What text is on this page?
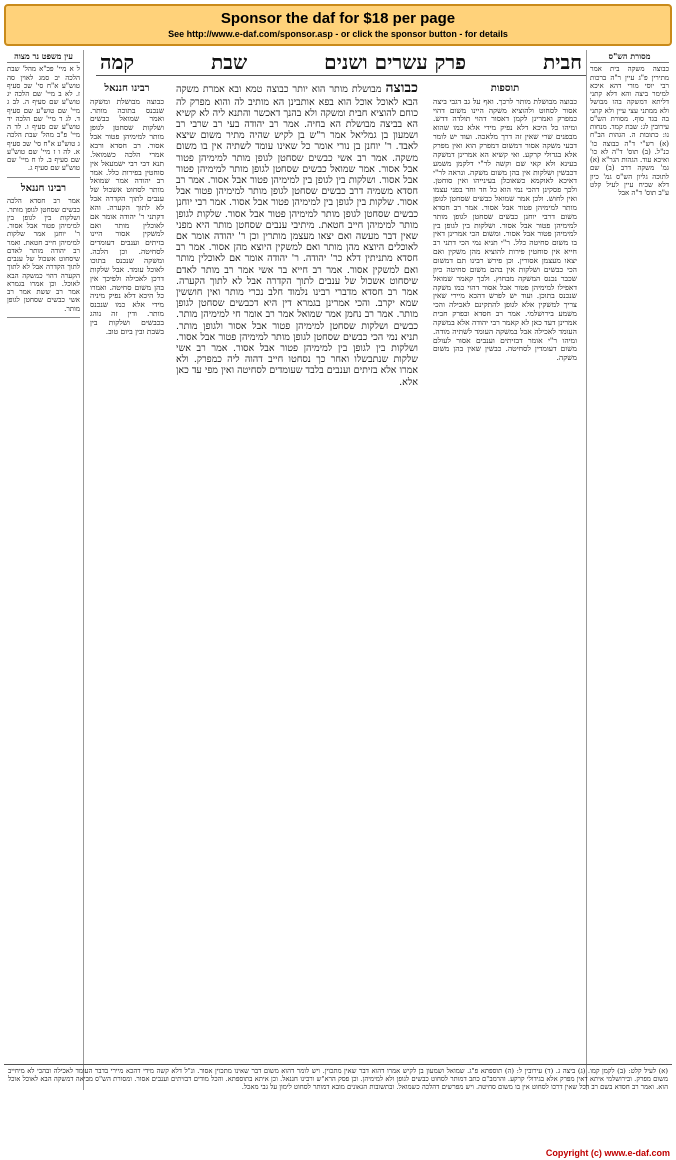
Sponsor the daf for $18 per page
See http://www.e-daf.com/sponsor.asp - or click the sponsor button - for details
חבית
פרק עשרים ושנים
שבת
קמה	מסורת הש"ס

כבוצה משקה בית אמר מתירין פ"ג עיין ר"ה ברכות רבי יוסי מורי דהא איכא למימר ביצה והא דלא קתני דליתא דמשקה בהו מבושל ולא ממתני עצי עיין ולא קתני בה בגד סוף. מסורת הש"ס עירובין לג: שבת קמד. מנחות נו: כתובות ה. הגהות הב"ח (א) רש"י ד"ה כבוצה כו' כנ"ל. (ב) תוס' ד"ה לא כו' ואיכא עוד. הגהות הגר"א (א) גמ' משקה דרב (ב) שם לתוכה גליון הש"ס גמ' כיון דלא שכיח עיין לעיל קלט ע"ב תוס' ד"ה אבל

רבינו חננאל

כבוצה מבושלת ומשקה שנכנס בתוכה מותר. ואמר שמואל כבשים ושלקות שסחטן לגופן מותר למימיהן פטור אבל אסור. רב חסדא ורבא אמרי הלכה כשמואל. תנא דבי רבי ישמעאל אין סוחטין בפירות כלל. אמר רב יהודה אמר שמואל מותר לסחוט אשכול של ענבים לתוך הקדרה אבל לא לתוך הקערה. והא דקתני ר' יהודה אומר אם לאוכלין מותר ואם למשקין אסור היינו בזיתים וענבים דעומדים לסחיטה. וכן הלכה. ומשקה שנכנס בתוכו לאוכל עומד. אבל שלקות דרכן לאכילה ולפיכך אין בהן משום סחיטה. ואמרו כל היכא דלא נפיק מיניה מידי אלא כמו שנכנס מותר. ודין זה נוהג בכבשים ושלקות בין בשבת ובין ביום טוב.

כבוצה מבושלת מותר הוא יותר כבוצה טמא ובא אמרת משקה הבא לאוכל אוכל הוא בפא אותבינן הא מותיב לה והוא מפרק לה כוחם להוציא חבית ומשקה ולא בהנך דאכשר והתנא ליה לא קשיא הא בביצה מבושלת הא בחיה. אמר רב יהודה בעי רב שרבי רב ושמעון בן גמליאל אמר ר"ש בן לקיש שהיה מתיר משום שיצא לאבד. ר' יוחנן בן נורי אומר כל שאינו עומד לשתיה אין בו משום משקה. אמר רב אשי כבשים שסחטן לגופן מותר למימיהן פטור אבל אסור. אמר שמואל כבשים שסחטן לגופן מותר למימיהן פטור אבל אסור. ושלקות בין לגופן בין למימיהן פטור אבל אסור. אמר רב חסדא משמיה דרב כבשים שסחטן לגופן מותר למימיהן פטור אבל אסור. שלקות בין לגופן בין למימיהן פטור אבל אסור. אמר רבי יוחנן כבשים שסחטן לגופן מותר למימיהן פטור אבל אסור. שלקות לגופן מותר למימיהן חייב חטאת. מיתיבי ענבים שסחטן מותר היא מפני שאין דבר מעשה ואם יצאו מעצמן מותרין וכן ר' יהודה אומר אם לאוכלים היוצא מהן מותר ואם למשקין היוצא מהן אסור. אמר רב חסדא מתניתין דלא כר' יהודה. ר' יהודה אומר אם לאוכלין מותר ואם למשקין אסור. אמר רב חייא בר אשי אמר רב מותר לאדם שיסחוט אשכול של ענבים לתוך הקדרה אבל לא לתוך הקערה. אמר רב חסדא מדברי רבינו נלמוד חלב נכרי מותר ואין חוששין שמא יקרב. והכי אמרינן בגמרא דין היא דכבשים שסחטן לגופן מותר. אמר רב נחמן אמר שמואל אמר רב אומר חי למימיהן מותר. כבשים ושלקות שסחטן למימיהן פטור אבל אסור ולגופן מותר. תניא נמי הכי כבשים שסחטן לגופן מותר למימיהן פטור אבל אסור. ושלקות בין לגופן בין למימיהן פטור אבל אסור. אמר רב אשי שלקות שנתבשלו ואחר כך נסחטו חייב דהוה ליה כמפרק. ולא אמרו אלא בזיתים וענבים בלבד שעומדים לסחיטה ואין מפי עד כאן אלא.

תוספות

כבוצה מבושלת מותר לרכך. ואף על גב דגבי ביצה אסור לסחוט ולהוציא משקה היינו משום דהוי כמפרק ואמרינן לקמן דאסור דהוי תולדה דדש. ומיהו כל היכא דלא נפיק מידי אלא כמו שהוא מבפנים שרי שאין זה דרך מלאכה. ועוד יש לומר דבעי משקה אסור דמשום דמפרק הוא ואין מפרק אלא בגדולי קרקע. ואי קשיא הא אמרינן דמשקה בעינא ולא קאי שם וקשה לר"י דלקמן משמע דכבשין ושלקות אין בהן משום משקה. ונראה לר"י דאיכא לאוקמא כשאוכלן בעינייהו ואין סוחטן. ולכך פסקינן דהכי נמי הוא כל חד וחד בפני עצמו ואין לחוש. ולכן אמר שמואל כבשים שסחטן לגופן מותר למימיהן פטור אבל אסור. אמר רב חסדא משום דרבי יוחנן כבשים שסחטן לגופן מותר למימיהן פטור אבל אסור. ושלקות בין לגופן בין למימיהן פטור אבל אסור. ומשום הכי אמרינן דאין בו משום סחיטה כלל. ר"י תניא נמי הכי דתני רב חייא אין סוחטין פירות להוציא מהן משקין ואם יצאו מעצמן אסורין. וכן פירש רבינו תם דמשום הכי כבשים ושלקות אין בהם משום סחיטה כיון שכבר נכנס המשקה מבחוץ. ולכך קאמר שמואל דאפילו למימיהן פטור אבל אסור דהוי כמו משקה שנכנס בתוכן. ועוד יש לפרש דהכא מיירי שאין צריך למשקין אלא לגופן להתקינם לאכילה והכי משמע בירושלמי. אמר רב חסדא ובפרק חבית אמרינן דעד כאן לא קאמר רבי יהודה אלא במשקה העומד לאכילה אבל במשקה העומד לשתיה מודה. ומיהו ר"י אומר דבזיתים וענבים אסור לעולם משום דעומדין לסחיטה. כבשין שאין בהן משום משקה.

עין משפט נר מצוה

ל א מיי' פכ"א מהל' שבת הלכה יב סמג לאוין סה טוש"ע א"ח סי' שכ סעיף ז. לא ב מיי' שם הלכה יג טוש"ע שם סעיף ה. לב ג מיי' שם טוש"ע שם סעיף ד. לג ד מיי' שם הלכה יד טוש"ע שם סעיף ו. לד ה מיי' פ"ב מהל' שבת הלכה ג טוש"ע א"ח סי' שכ סעיף א. לה ו ז מיי' שם טוש"ע שם סעיף ב. לו ח מיי' שם טוש"ע שם סעיף ג.

רבינו חננאל

אמר רב חסדא הלכה כבשים שסחטן לגופן מותר. ושלקות בין לגופן בין למימיהן פטור אבל אסור. ר' יוחנן אמר שלקות למימיהן חייב חטאת. ואמר רב יהודה מותר לאדם שיסחוט אשכול של ענבים לתוך הקדרה אבל לא לתוך הקערה דהוי כמשקה הבא לאוכל. וכן אמרו בגמרא אמר רב ששת אמר רב אשי כבשים שסחטן לגופן מותר.

(א) לעיל קלט: (ב) לקמן קמו. (ג) ביצה ג. (ד) עירובין ל: (ה) תוספתא פ"ג. שמואל ושמעון בן לקיש אמרו דהוא דבר שאין מתכוין. ויש לומר דהוא משום דבר שאינו מתכוין אסור. ונ"ל דלא קשה מידי דהכא מיירי בדבר העומד לאכילה ובהכי לא מיחייב משום מפרק. ובירושלמי איתא דאין מפרק אלא בגידולי קרקע. והרמב"ם כתב דמותר לסחוט כבשים לגופן ולא למימיהן. וכן פסק הרא"ש ורבינו חננאל. וכן איתא בתוספתא. והכל מודים דבזיתים וענבים אסור. ומסורת הש"ס מביאה דמשקה הבא לאוכל אוכל הוא. ואמר רב חסדא בשם רב דכל שאין דרכו לסחוט אין בו משום סחיטה. ויש מפרשים דהלכה כשמואל. ובתשובות הגאונים מובא דמותר לסחוט לימון על גבי מאכל.

Copyright (c) www.e-daf.com
